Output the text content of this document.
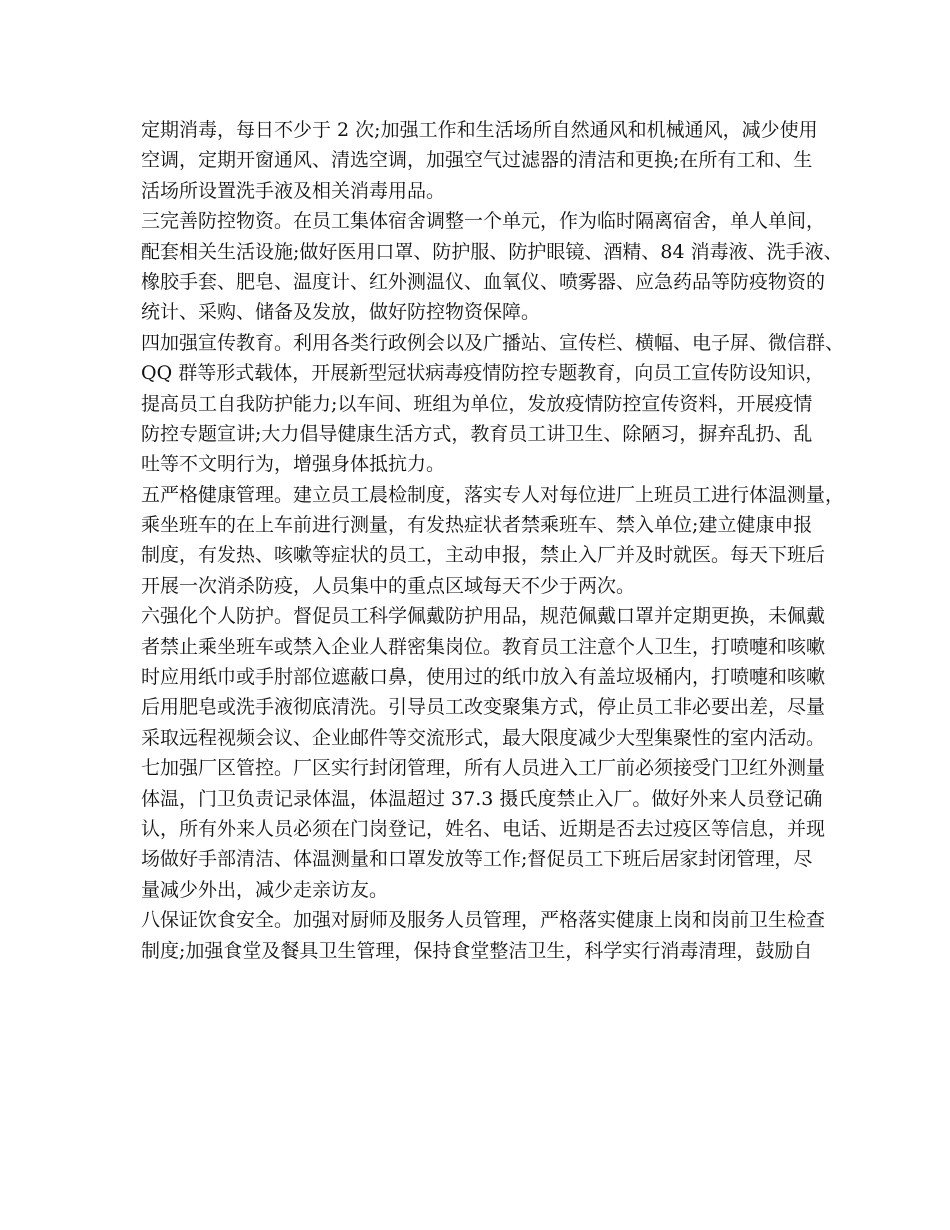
定期消毒，每日不少于 2 次;加强工作和生活场所自然通风和机械通风，减少使用
空调，定期开窗通风、清选空调，加强空气过滤器的清洁和更换;在所有工和、生
活场所设置洗手液及相关消毒用品。
三完善防控物资。在员工集体宿舍调整一个单元，作为临时隔离宿舍，单人单间，
配套相关生活设施;做好医用口罩、防护服、防护眼镜、酒精、84 消毒液、洗手液、
橡胶手套、肥皂、温度计、红外测温仪、血氧仪、喷雾器、应急药品等防疫物资的
统计、采购、储备及发放，做好防控物资保障。
四加强宣传教育。利用各类行政例会以及广播站、宣传栏、横幅、电子屏、微信群、
QQ 群等形式载体，开展新型冠状病毒疫情防控专题教育，向员工宣传防设知识，
提高员工自我防护能力;以车间、班组为单位，发放疫情防控宣传资料，开展疫情
防控专题宣讲;大力倡导健康生活方式，教育员工讲卫生、除陋习，摒弃乱扔、乱
吐等不文明行为，增强身体抵抗力。
五严格健康管理。建立员工晨检制度，落实专人对每位进厂上班员工进行体温测量，
乘坐班车的在上车前进行测量，有发热症状者禁乘班车、禁入单位;建立健康申报
制度，有发热、咳嗽等症状的员工，主动申报，禁止入厂并及时就医。每天下班后
开展一次消杀防疫，人员集中的重点区域每天不少于两次。
六强化个人防护。督促员工科学佩戴防护用品，规范佩戴口罩并定期更换，未佩戴
者禁止乘坐班车或禁入企业人群密集岗位。教育员工注意个人卫生，打喷嚏和咳嗽
时应用纸巾或手肘部位遮蔽口鼻，使用过的纸巾放入有盖垃圾桶内，打喷嚏和咳嗽
后用肥皂或洗手液彻底清洗。引导员工改变聚集方式，停止员工非必要出差，尽量
采取远程视频会议、企业邮件等交流形式，最大限度减少大型集聚性的室内活动。
七加强厂区管控。厂区实行封闭管理，所有人员进入工厂前必须接受门卫红外测量
体温，门卫负责记录体温，体温超过 37.3 摄氏度禁止入厂。做好外来人员登记确
认，所有外来人员必须在门岗登记，姓名、电话、近期是否去过疫区等信息，并现
场做好手部清洁、体温测量和口罩发放等工作;督促员工下班后居家封闭管理，尽
量减少外出，减少走亲访友。
八保证饮食安全。加强对厨师及服务人员管理，严格落实健康上岗和岗前卫生检查
制度;加强食堂及餐具卫生管理，保持食堂整洁卫生，科学实行消毒清理，鼓励自
